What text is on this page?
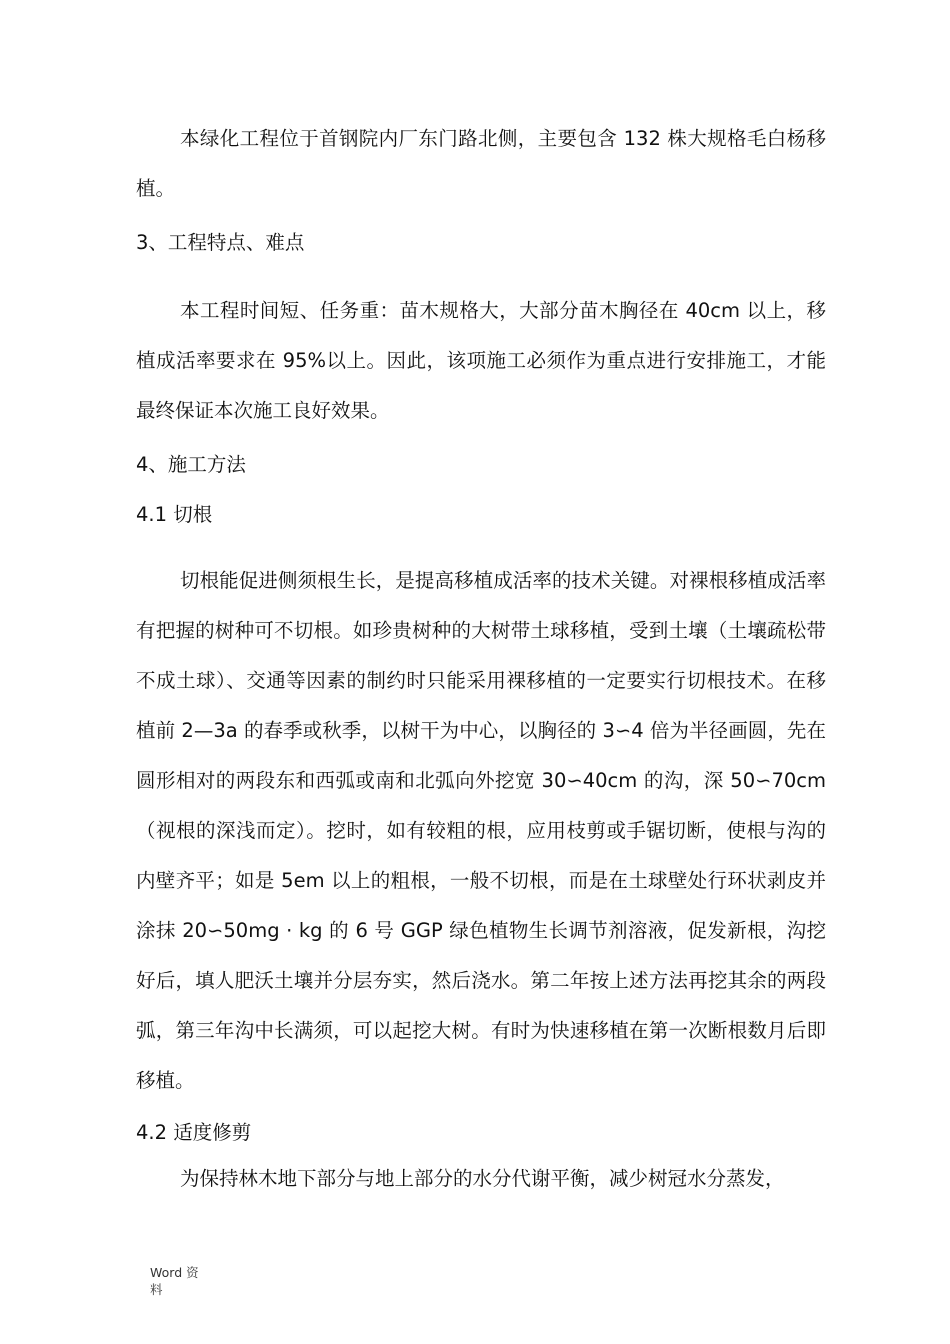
本绿化工程位于首钢院内厂东门路北侧，主要包含 132 株大规格毛白杨移植。

3、工程特点、难点

本工程时间短、任务重：苗木规格大，大部分苗木胸径在 40cm 以上，移植成活率要求在 95%以上。因此，该项施工必须作为重点进行安排施工，才能最终保证本次施工良好效果。

4、施工方法

4.1 切根

切根能促进侧须根生长，是提高移植成活率的技术关键。对裸根移植成活率有把握的树种可不切根。如珍贵树种的大树带土球移植，受到土壤（土壤疏松带不成土球）、交通等因素的制约时只能采用裸移植的一定要实行切根技术。在移植前 2—3a 的春季或秋季，以树干为中心，以胸径的 3∽4 倍为半径画圆，先在圆形相对的两段东和西弧或南和北弧向外挖宽 30∽40cm 的沟，深 50∽70cm（视根的深浅而定）。挖时，如有较粗的根，应用枝剪或手锯切断，使根与沟的内壁齐平；如是 5em 以上的粗根，一般不切根，而是在土球壁处行环状剥皮并涂抹 20∽50mg · kg 的 6 号 GGP 绿色植物生长调节剂溶液，促发新根，沟挖好后，填人肥沃土壤并分层夯实，然后浇水。第二年按上述方法再挖其余的两段弧，第三年沟中长满须，可以起挖大树。有时为快速移植在第一次断根数月后即移植。

4.2 适度修剪

为保持林木地下部分与地上部分的水分代谢平衡，减少树冠水分蒸发，

Word 资料
